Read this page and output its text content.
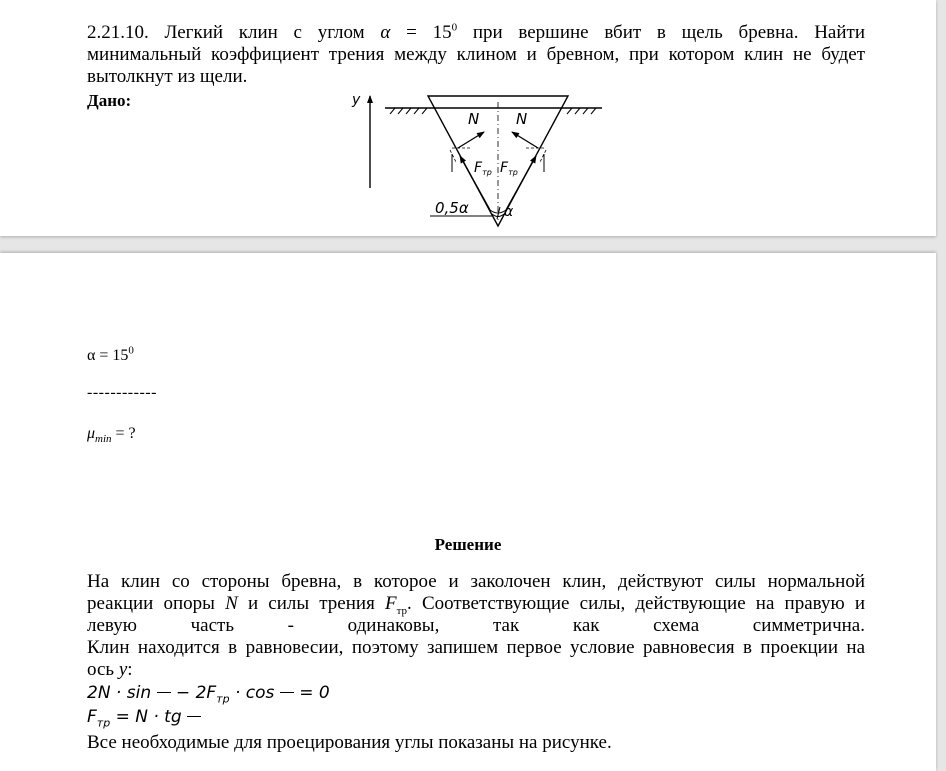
2.21.10. Легкий клин с углом $\alpha = 15^0$ при вершине вбит в щель бревна. Найти
минимальный коэффициент трения между клином и бревном, при котором клин не будет
вытолкнут из щели.
Дано:	y
N N
$F_{тр}$ $F_{тр}$
0,5α	α
$\alpha = 15^0$
------------
$\mu_{min}$ = ?
Решение
На клин со стороны бревна, в которое и заколочен клин, действуют силы нормальной
реакции опоры N и силы трения $F_{тр}$. Соответствующие силы, действующие на правую и
левую часть - одинаковы, так как схема симметрична.
Клин находится в равновесии, поэтому запишем первое условие равновесия в проекции на
ось y:
$2N \cdot \sin - 2F_{тр} \cdot \cos = 0$
$F_{тр} = N$ · tg
Все необходимые для проецирования углы показаны на рисунке.
